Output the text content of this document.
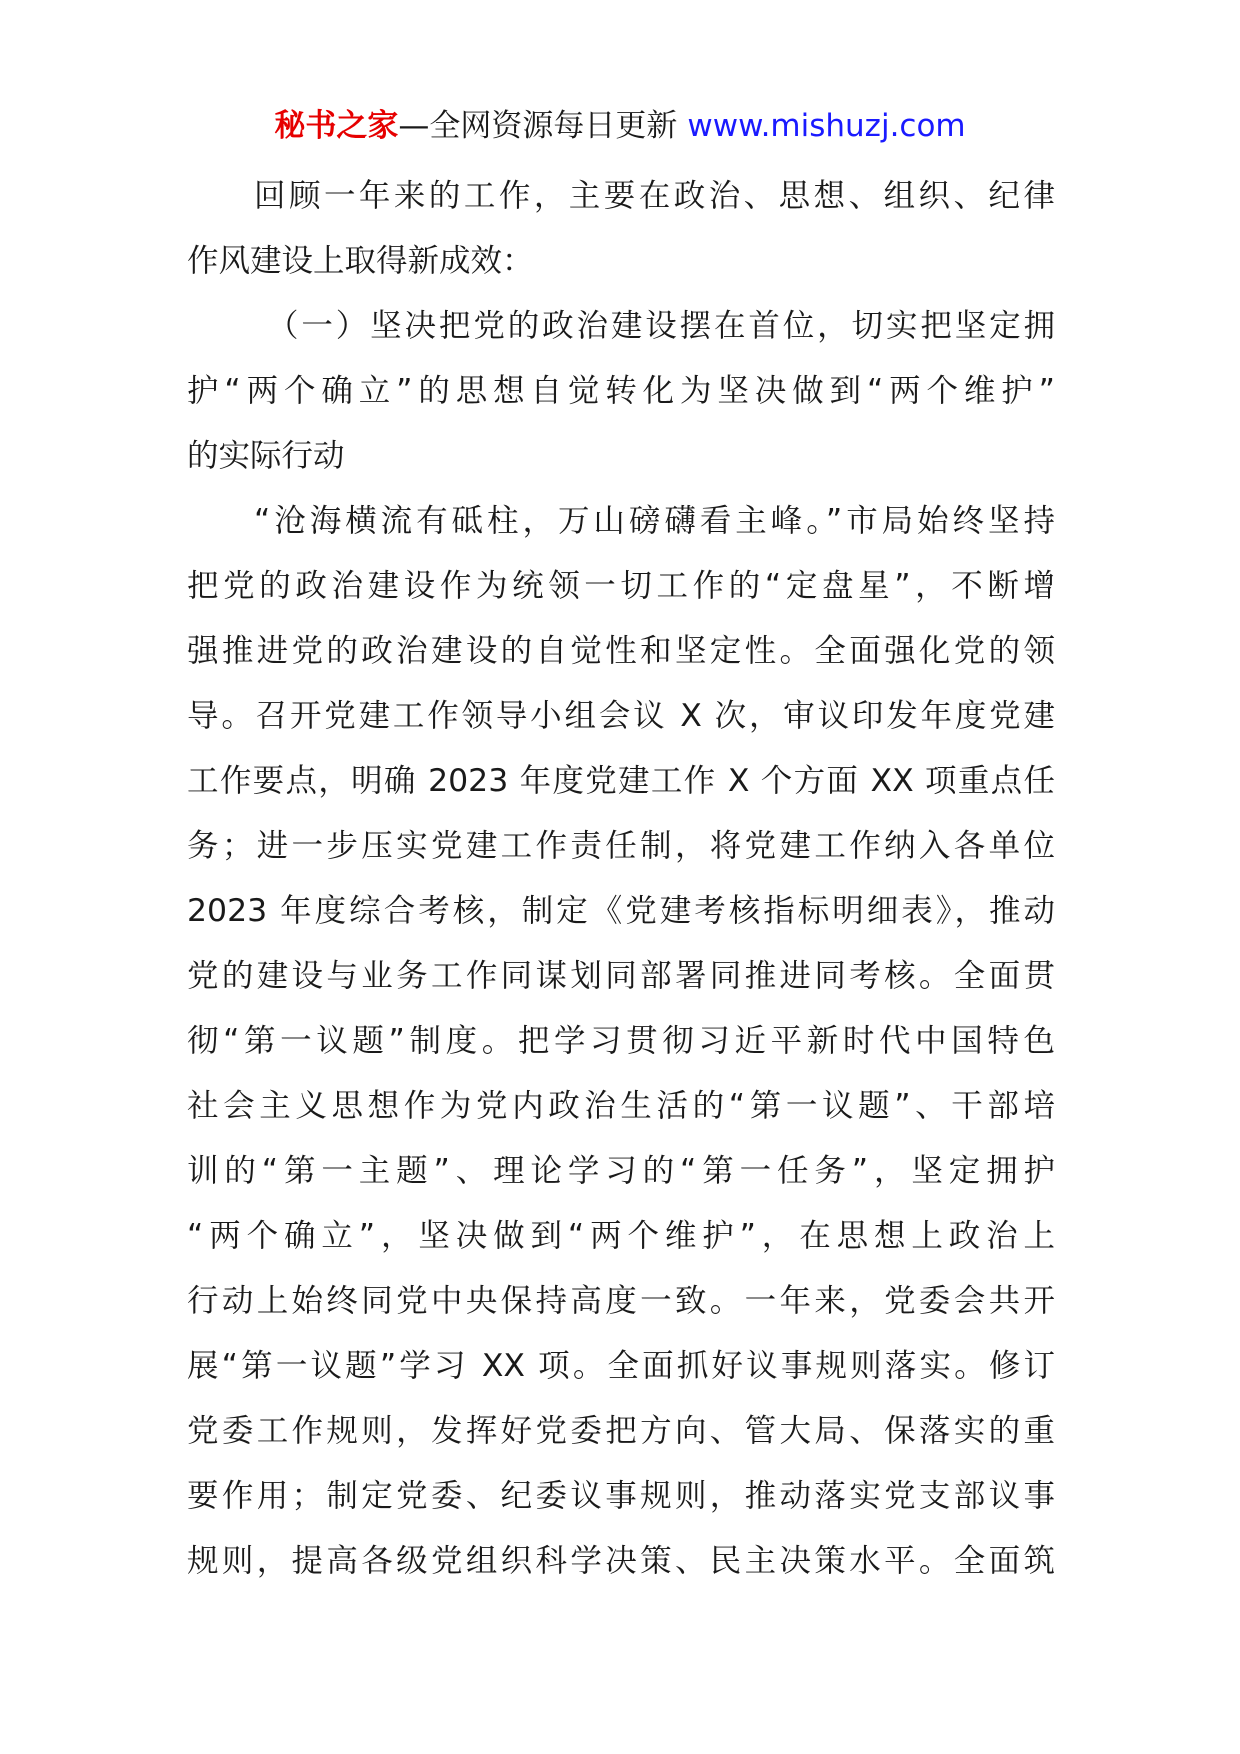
秘书之家—全网资源每日更新 www.mishuzj.com
回顾一年来的工作，主要在政治、思想、组织、纪律
作风建设上取得新成效：
（一）坚决把党的政治建设摆在首位，切实把坚定拥
护“两个确立”的思想自觉转化为坚决做到“两个维护”
的实际行动
“沧海横流有砥柱，万山磅礴看主峰。”市局始终坚持
把党的政治建设作为统领一切工作的“定盘星”，不断增
强推进党的政治建设的自觉性和坚定性。全面强化党的领
导。召开党建工作领导小组会议 X 次，审议印发年度党建
工作要点，明确 2023 年度党建工作 X 个方面 XX 项重点任
务；进一步压实党建工作责任制，将党建工作纳入各单位
2023 年度综合考核，制定《党建考核指标明细表》，推动
党的建设与业务工作同谋划同部署同推进同考核。全面贯
彻“第一议题”制度。把学习贯彻习近平新时代中国特色
社会主义思想作为党内政治生活的“第一议题”、干部培
训的“第一主题”、理论学习的“第一任务”，坚定拥护
“两个确立”，坚决做到“两个维护”，在思想上政治上
行动上始终同党中央保持高度一致。一年来，党委会共开
展“第一议题”学习 XX 项。全面抓好议事规则落实。修订
党委工作规则，发挥好党委把方向、管大局、保落实的重
要作用；制定党委、纪委议事规则，推动落实党支部议事
规则，提高各级党组织科学决策、民主决策水平。全面筑
